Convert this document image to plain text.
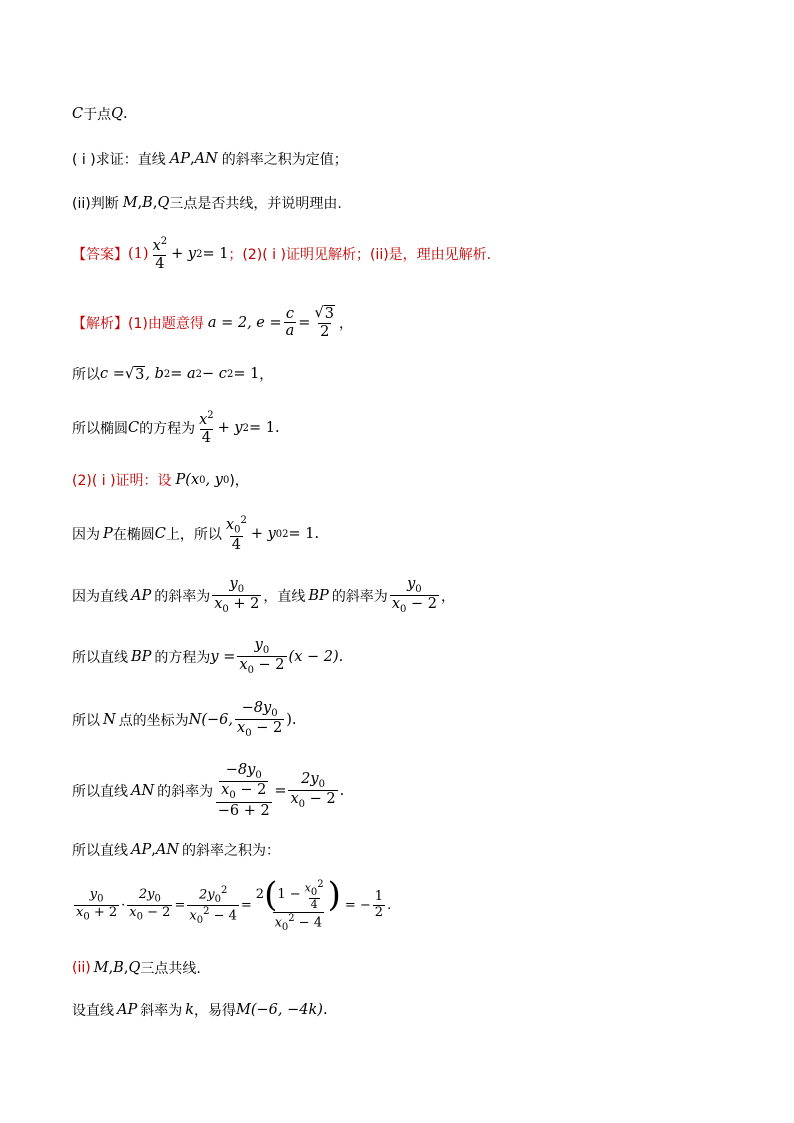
C 于点 Q .
( i )求证：直线 AP , AN 的斜率之积为定值；
(ii)判断 M , B , Q 三点是否共线，并说明理由.
【答案】 $(1) \frac{x^2}{4} + y$ 2 = 1 ；(2)( i )证明见解析；(ii)是，理由见解析.
【解析】 (1)由题意得 a = 2, $e = \frac{c}{a} = \frac{√ 3}{2}$ ，
所以 c = √ 3 , b 2 = a 2 − c 2 = 1 ，
所以椭圆 C 的方程为 $\frac{x^2}{4} + y$ 2 = 1.
(2)( i )证明：设 P(x 0 , y 0 )，
因为 P 在椭圆 C 上，所以 $\frac{x_0^2}{4} + y$ 0 2 = 1.
因为直线 AP 的斜率为 $\frac{y_0}{x_0 + 2}$ ，直线 BP 的斜率为 $\frac{y_0}{x_0 - 2}$ ，
所以直线 BP 的方程为 $y = \frac{y_0}{x_0 - 2} (x - 2)$.
所以 N 点的坐标为 N(−6, $\frac{-8y_0}{x_0 - 2}$ ).
所以直线 AN 的斜率为 $\frac{\frac{-8y_0}{x_0 - 2}}{-6 + 2} = \frac{2y_0}{x_0 - 2}$ .
所以直线 AP , AN 的斜率之积为：
$\frac{y_0}{x_0 + 2} \cdot \frac{2y_0}{x_0 - 2} = \frac{2y_0^2}{x_0^2 - 4}$ =
2 ( $1 - \frac{x_0^2}{4}$ )
$x_0^2 - 4$
= − $\frac{1}{2}$ .
(ii) M , B , Q 三点共线.
设直线 AP 斜率为 k ，易得 M(−6, −4k) .
